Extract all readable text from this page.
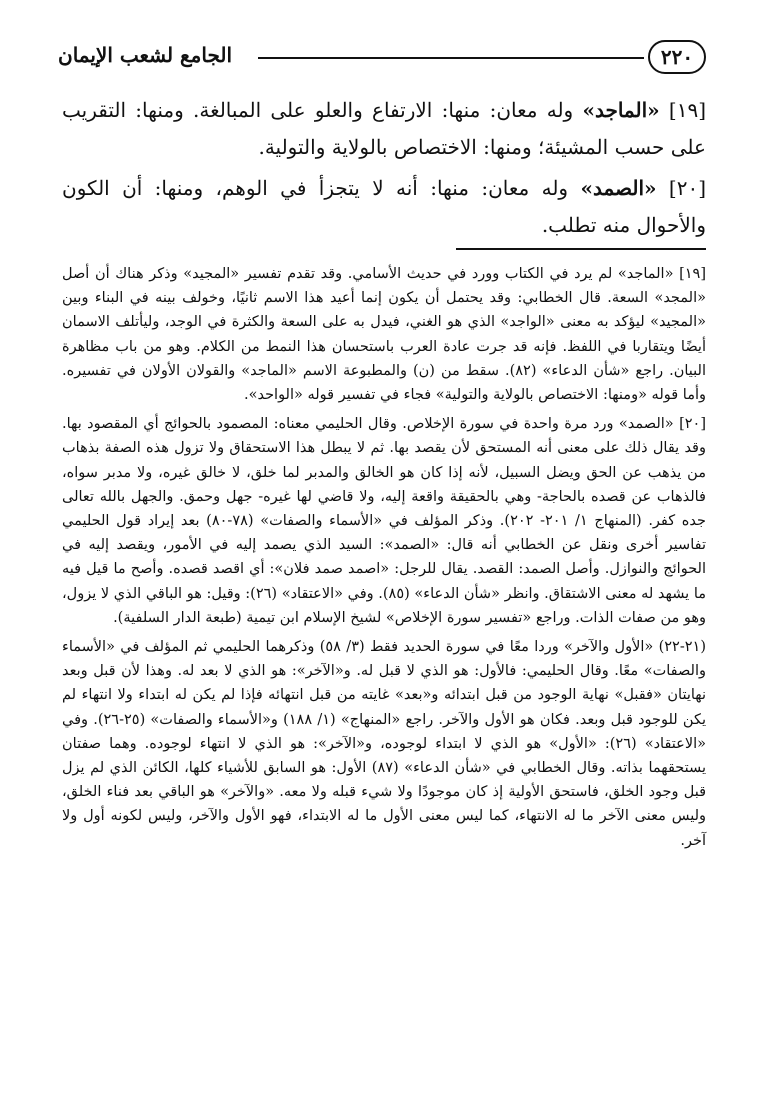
٢٢٠
الجامع لشعب الإيمان

[١٩] «الماجد» وله معان: منها: الارتفاع والعلو على المبالغة. ومنها: التقريب على حسب المشيئة؛ ومنها: الاختصاص بالولاية والتولية.

[٢٠] «الصمد» وله معان: منها: أنه لا يتجزأ في الوهم، ومنها: أن الكون والأحوال منه تطلب.

[١٩] «الماجد» لم يرد في الكتاب وورد في حديث الأسامي. وقد تقدم تفسير «المجيد» وذكر هناك أن أصل «المجد» السعة. قال الخطابي: وقد يحتمل أن يكون إنما أعيد هذا الاسم ثانيًا، وخولف بينه في البناء وبين «المجيد» ليؤكد به معنى «الواجد» الذي هو الغني، فيدل به على السعة والكثرة في الوجد، وليأتلف الاسمان أيضًا ويتقاربا في اللفظ. فإنه قد جرت عادة العرب باستحسان هذا النمط من الكلام. وهو من باب مظاهرة البيان. راجع «شأن الدعاء» (٨٢). سقط من (ن) والمطبوعة الاسم «الماجد» والقولان الأولان في تفسيره. وأما قوله «ومنها: الاختصاص بالولاية والتولية» فجاء في تفسير قوله «الواحد».

[٢٠] «الصمد» ورد مرة واحدة في سورة الإخلاص. وقال الحليمي معناه: المصمود بالحوائج أي المقصود بها. وقد يقال ذلك على معنى أنه المستحق لأن يقصد بها. ثم لا يبطل هذا الاستحقاق ولا تزول هذه الصفة بذهاب من يذهب عن الحق ويضل السبيل، لأنه إذا كان هو الخالق والمدبر لما خلق، لا خالق غيره، ولا مدبر سواه، فالذهاب عن قصده بالحاجة- وهي بالحقيقة واقعة إليه، ولا قاضي لها غيره- جهل وحمق. والجهل بالله تعالى جده كفر. (المنهاج ١/ ٢٠١- ٢٠٢). وذكر المؤلف في «الأسماء والصفات» (٧٨-٨٠) بعد إيراد قول الحليمي تفاسير أخرى ونقل عن الخطابي أنه قال: «الصمد»: السيد الذي يصمد إليه في الأمور، ويقصد إليه في الحوائج والنوازل. وأصل الصمد: القصد. يقال للرجل: «اصمد صمد فلان»: أي اقصد قصده. وأصح ما قيل فيه ما يشهد له معنى الاشتقاق. وانظر «شأن الدعاء» (٨٥). وفي «الاعتقاد» (٢٦): وقيل: هو الباقي الذي لا يزول، وهو من صفات الذات. وراجع «تفسير سورة الإخلاص» لشيخ الإسلام ابن تيمية (طبعة الدار السلفية).

(٢١-٢٢) «الأول والآخر» وردا معًا في سورة الحديد فقط (٣/ ٥٨) وذكرهما الحليمي ثم المؤلف في «الأسماء والصفات» معًا. وقال الحليمي: فالأول: هو الذي لا قبل له. و«الآخر»: هو الذي لا بعد له. وهذا لأن قبل وبعد نهايتان «فقبل» نهاية الوجود من قبل ابتدائه و«بعد» غايته من قبل انتهائه فإذا لم يكن له ابتداء ولا انتهاء لم يكن للوجود قبل وبعد. فكان هو الأول والآخر. راجع «المنهاج» (١/ ١٨٨) و«الأسماء والصفات» (٢٥-٢٦). وفي «الاعتقاد» (٢٦): «الأول» هو الذي لا ابتداء لوجوده، و«الآخر»: هو الذي لا انتهاء لوجوده. وهما صفتان يستحقهما بذاته. وقال الخطابي في «شأن الدعاء» (٨٧) الأول: هو السابق للأشياء كلها، الكائن الذي لم يزل قبل وجود الخلق، فاستحق الأولية إذ كان موجودًا ولا شيء قبله ولا معه. «والآخر» هو الباقي بعد فناء الخلق، وليس معنى الآخر ما له الانتهاء، كما ليس معنى الأول ما له الابتداء، فهو الأول والآخر، وليس لكونه أول ولا آخر.
